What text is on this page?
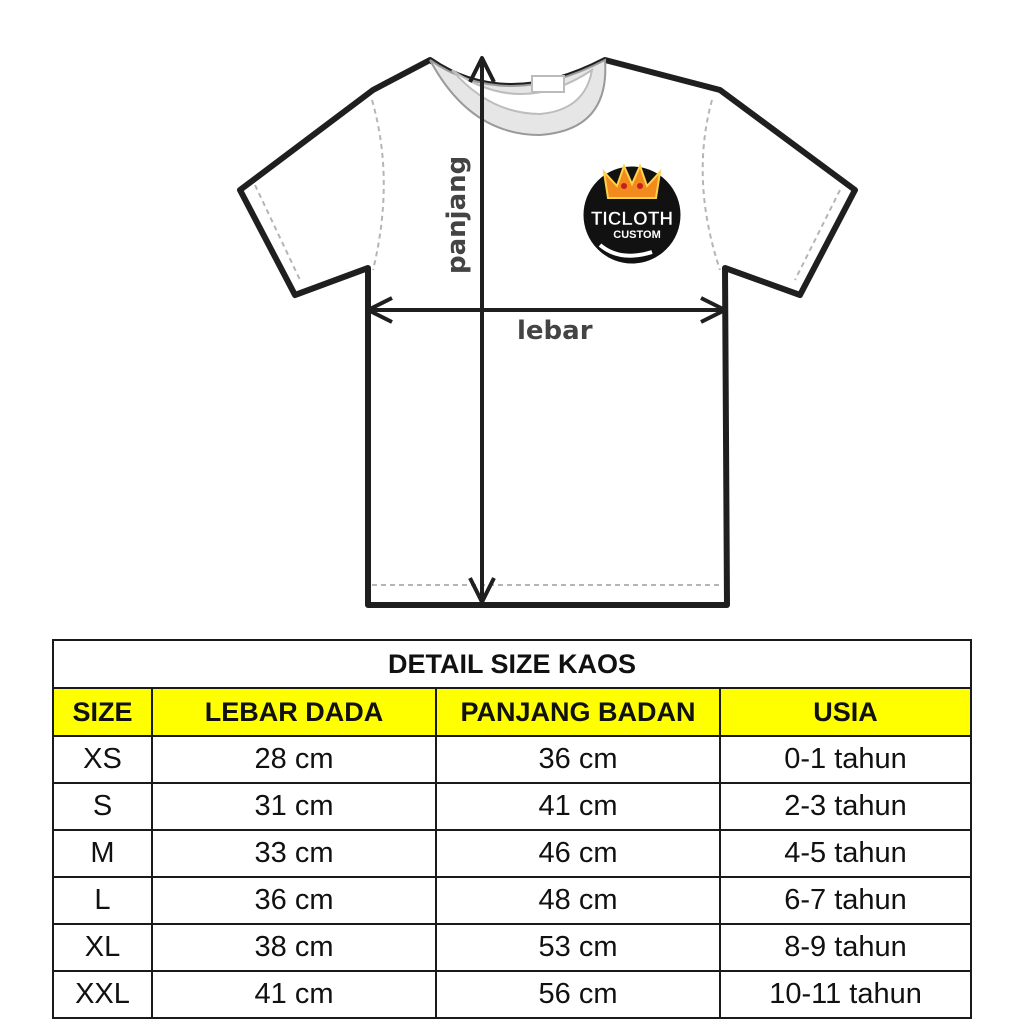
panjang
lebar
TICLOTH
CUSTOM
DETAIL SIZE KAOS			
SIZE	LEBAR DADA	PANJANG BADAN	USIA
XS	28 cm	36 cm	0-1 tahun
S	31 cm	41 cm	2-3 tahun
M	33 cm	46 cm	4-5 tahun
L	36 cm	48 cm	6-7 tahun
XL	38 cm	53 cm	8-9 tahun
XXL	41 cm	56 cm	10-11 tahun
